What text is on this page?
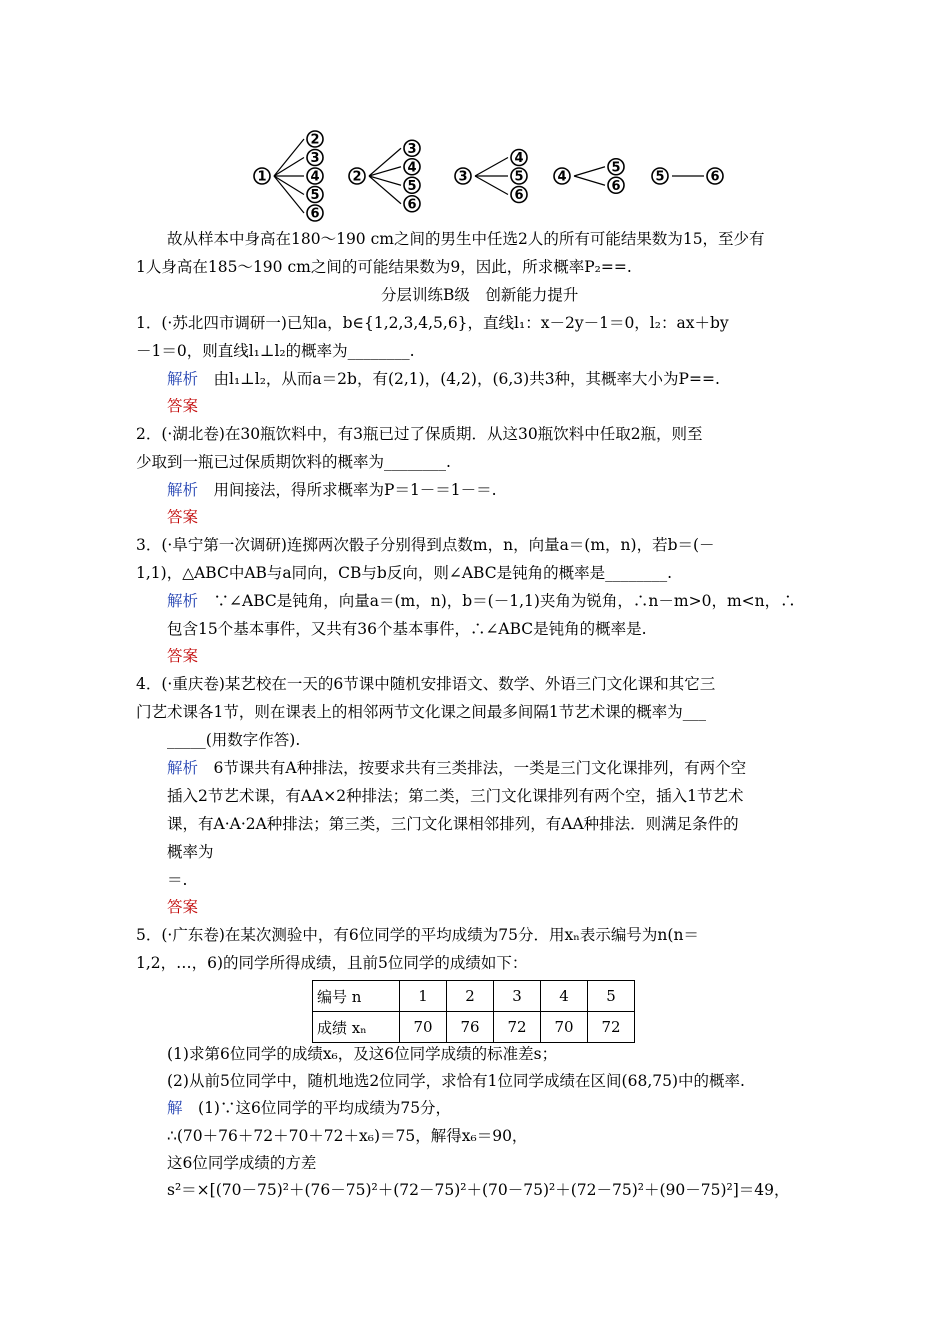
2
3
4
5
6
1
3
4
5
6
2
4
5
6
3
5
6
4	6
5
故从样本中身高在180～190 cm之间的男生中任选2人的所有可能结果数为15，至少有
1人身高在185～190 cm之间的可能结果数为9，因此，所求概率P₂==.
分层训练B级　创新能力提升
1．(·苏北四市调研一)已知a，b∈{1,2,3,4,5,6}，直线l₁：x－2y－1＝0，l₂：ax＋by
－1＝0，则直线l₁⊥l₂的概率为________.
解析　由l₁⊥l₂，从而a＝2b，有(2,1)，(4,2)，(6,3)共3种，其概率大小为P==.
答案
2．(·湖北卷)在30瓶饮料中，有3瓶已过了保质期．从这30瓶饮料中任取2瓶，则至
少取到一瓶已过保质期饮料的概率为________.
解析　用间接法，得所求概率为P＝1－＝1－＝.
答案
3．(·阜宁第一次调研)连掷两次骰子分别得到点数m，n，向量a＝(m，n)，若b＝(－
1,1)，△ABC中AB与a同向，CB与b反向，则∠ABC是钝角的概率是________.
解析　∵∠ABC是钝角，向量a＝(m，n)，b＝(－1,1)夹角为锐角，∴n－m>0，m<n，∴
包含15个基本事件，又共有36个基本事件，∴∠ABC是钝角的概率是.
答案
4．(·重庆卷)某艺校在一天的6节课中随机安排语文、数学、外语三门文化课和其它三
门艺术课各1节，则在课表上的相邻两节文化课之间最多间隔1节艺术课的概率为___
_____(用数字作答).
解析　6节课共有A种排法，按要求共有三类排法，一类是三门文化课排列，有两个空
插入2节艺术课，有AA×2种排法；第二类，三门文化课排列有两个空，插入1节艺术
课，有A·A·2A种排法；第三类，三门文化课相邻排列，有AA种排法．则满足条件的
概率为
＝.
答案
5．(·广东卷)在某次测验中，有6位同学的平均成绩为75分．用xₙ表示编号为n(n＝
1,2，…，6)的同学所得成绩，且前5位同学的成绩如下：
编号 n	1	2	3	4	5
成绩 xₙ	70	76	72	70	72
(1)求第6位同学的成绩x₆，及这6位同学成绩的标准差s；
(2)从前5位同学中，随机地选2位同学，求恰有1位同学成绩在区间(68,75)中的概率.
解　(1)∵这6位同学的平均成绩为75分，
∴(70＋76＋72＋70＋72＋x₆)＝75，解得x₆＝90，
这6位同学成绩的方差
s²＝×[(70－75)²＋(76－75)²＋(72－75)²＋(70－75)²＋(72－75)²＋(90－75)²]＝49，
